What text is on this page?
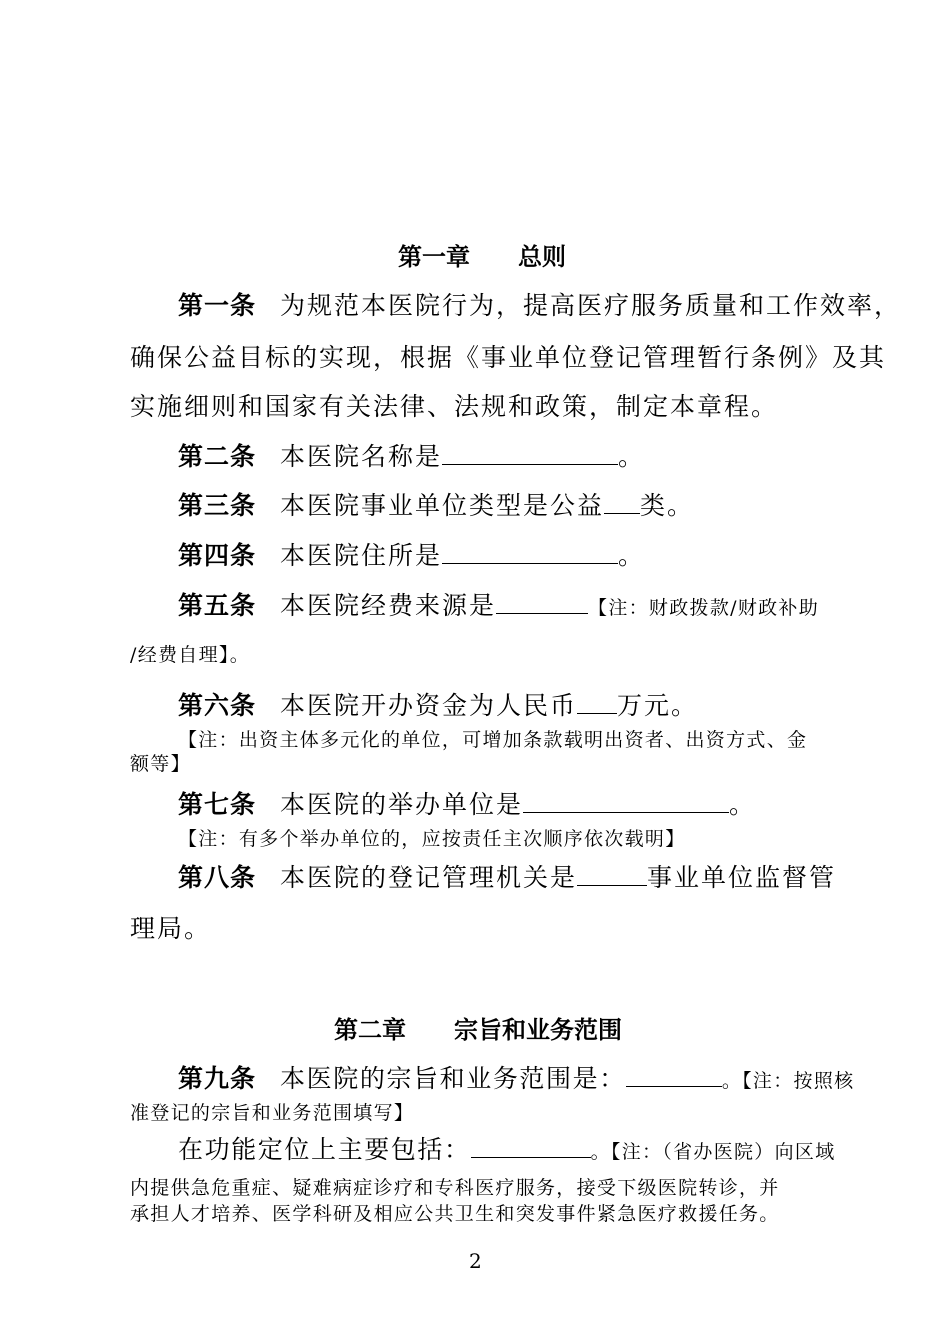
第一章　　总则
第一条 为规范本医院行为，提高医疗服务质量和工作效率，
确保公益目标的实现，根据《事业单位登记管理暂行条例》及其
实施细则和国家有关法律、法规和政策，制定本章程。
第二条 本医院名称是	。
第三条 本医院事业单位类型是公益 类。
第四条 本医院住所是	。
第五条 本医院经费来源是	【注：财政拨款/财政补助
/经费自理】。
第六条 本医院开办资金为人民币 万元。
【注：出资主体多元化的单位，可增加条款载明出资者、出资方式、金
额等】
第七条 本医院的举办单位是	。
【注：有多个举办单位的，应按责任主次顺序依次载明】
第八条 本医院的登记管理机关是	事业单位监督管
理局。
第二章　　宗旨和业务范围
第九条 本医院的宗旨和业务范围是：	。【注：按照核
准登记的宗旨和业务范围填写】
在功能定位上主要包括：	。【注：（省办医院）向区域
内提供急危重症、疑难病症诊疗和专科医疗服务，接受下级医院转诊，并
承担人才培养、医学科研及相应公共卫生和突发事件紧急医疗救援任务。
2
